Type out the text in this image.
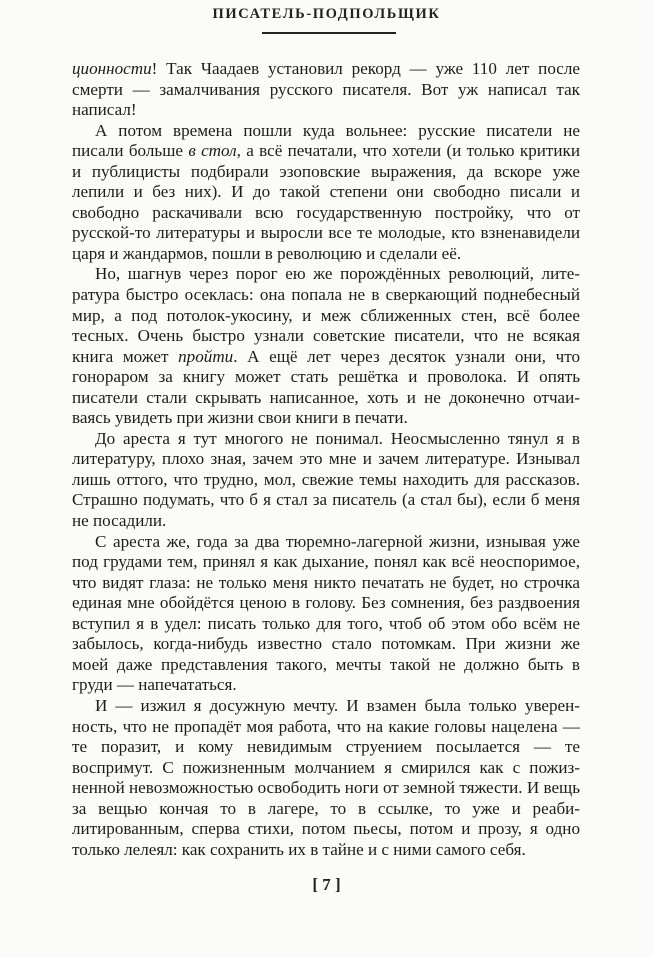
ПИСАТЕЛЬ-ПОДПОЛЬЩИК

ционности! Так Чаадаев установил рекорд — уже 110 лет после смерти — замалчивания русского писателя. Вот уж написал так написал!

А потом времена пошли куда вольнее: русские писатели не писали больше в стол, а всё печатали, что хотели (и только критики и публицисты подбирали эзоповские выражения, да вскоре уже лепили и без них). И до такой степени они свободно писали и свободно раскачивали всю государственную постройку, что от русской-то литературы и выросли все те молодые, кто взненавидели царя и жандармов, пошли в революцию и сделали её.

Но, шагнув через порог ею же порождённых революций, литература быстро осеклась: она попала не в сверкающий поднебесный мир, а под потолок-укосину, и меж сближенных стен, всё более тесных. Очень быстро узнали советские писатели, что не всякая книга может пройти. А ещё лет через десяток узнали они, что гонораром за книгу может стать решётка и проволока. И опять писатели стали скрывать написанное, хоть и не доконечно отчаиваясь увидеть при жизни свои книги в печати.

До ареста я тут многого не понимал. Неосмысленно тянул я в литературу, плохо зная, зачем это мне и зачем литературе. Изнывал лишь оттого, что трудно, мол, свежие темы находить для рассказов. Страшно подумать, что б я стал за писатель (а стал бы), если б меня не посадили.

С ареста же, года за два тюремно-лагерной жизни, изнывая уже под грудами тем, принял я как дыхание, понял как всё неоспоримое, что видят глаза: не только меня никто печатать не будет, но строчка единая мне обойдётся ценою в голову. Без сомнения, без раздвоения вступил я в удел: писать только для того, чтоб об этом обо всём не забылось, когда-нибудь известно стало потомкам. При жизни же моей даже представления такого, мечты такой не должно быть в груди — напечататься.

И — изжил я досужную мечту. И взамен была только уверенность, что не пропадёт моя работа, что на какие головы нацелена — те поразит, и кому невидимым струением посылается — те воспримут. С пожизненным молчанием я смирился как с пожизненной невозможностью освободить ноги от земной тяжести. И вещь за вещью кончая то в лагере, то в ссылке, то уже и реабилитированным, сперва стихи, потом пьесы, потом и прозу, я одно только лелеял: как сохранить их в тайне и с ними самого себя.

[ 7 ]
